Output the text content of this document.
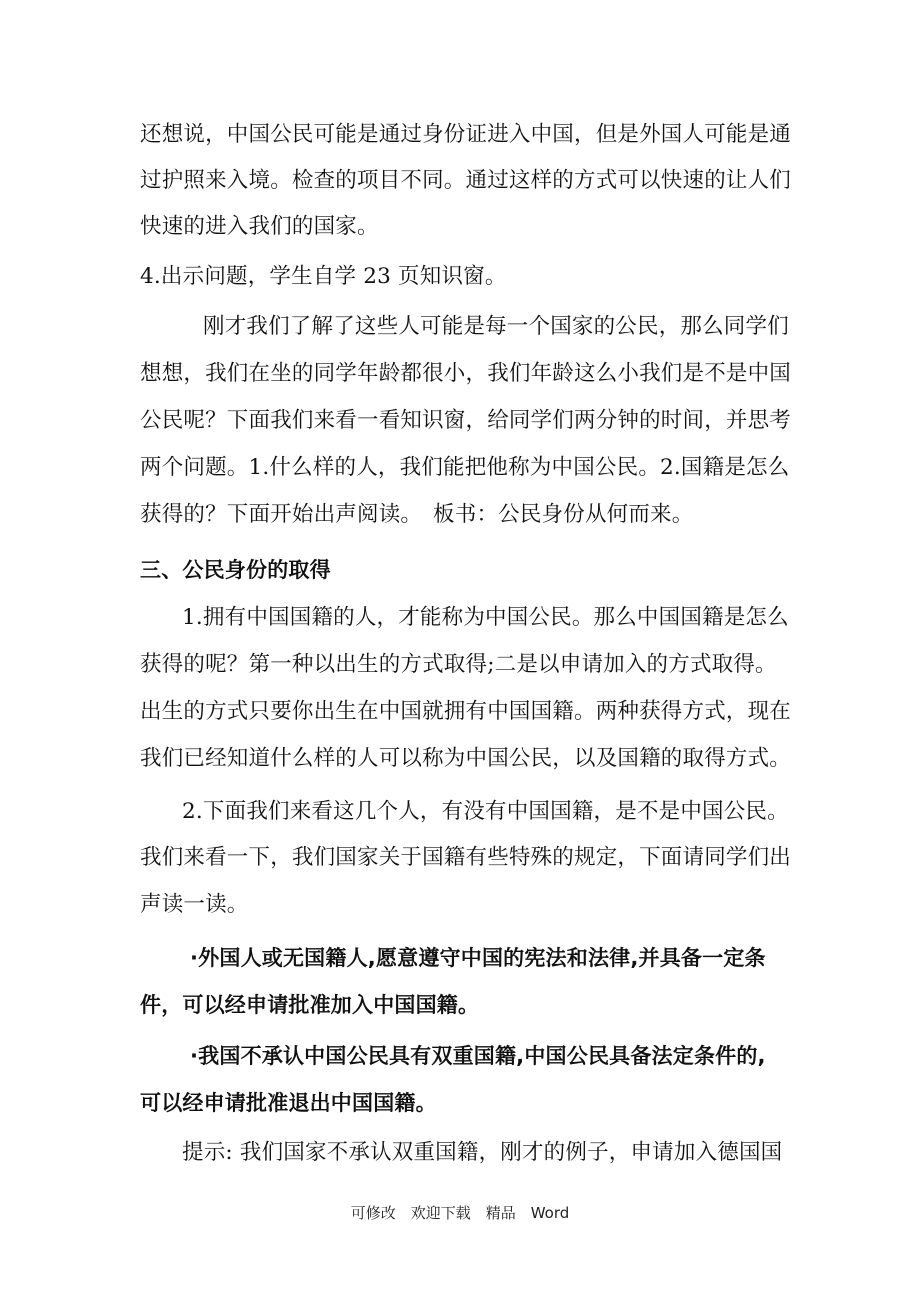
还想说，中国公民可能是通过身份证进入中国，但是外国人可能是通
过护照来入境。检查的项目不同。通过这样的方式可以快速的让人们
快速的进入我们的国家。
4.出示问题，学生自学 23 页知识窗。
刚才我们了解了这些人可能是每一个国家的公民，那么同学们
想想，我们在坐的同学年龄都很小，我们年龄这么小我们是不是中国
公民呢？下面我们来看一看知识窗，给同学们两分钟的时间，并思考
两个问题。1.什么样的人，我们能把他称为中国公民。2.国籍是怎么
获得的？下面开始出声阅读。　板书：公民身份从何而来。
三、公民身份的取得
1.拥有中国国籍的人，才能称为中国公民。那么中国国籍是怎么
获得的呢？第一种以出生的方式取得;二是以申请加入的方式取得。
出生的方式只要你出生在中国就拥有中国国籍。两种获得方式，现在
我们已经知道什么样的人可以称为中国公民，以及国籍的取得方式。
2.下面我们来看这几个人，有没有中国国籍，是不是中国公民。
我们来看一下，我们国家关于国籍有些特殊的规定，下面请同学们出
声读一读。
·外国人或无国籍人,愿意遵守中国的宪法和法律,并具备一定条
件，可以经申请批准加入中国国籍。
·我国不承认中国公民具有双重国籍,中国公民具备法定条件的,
可以经申请批准退出中国国籍。
提示: 我们国家不承认双重国籍，刚才的例子，申请加入德国国
可修改　欢迎下载　精品　Word
